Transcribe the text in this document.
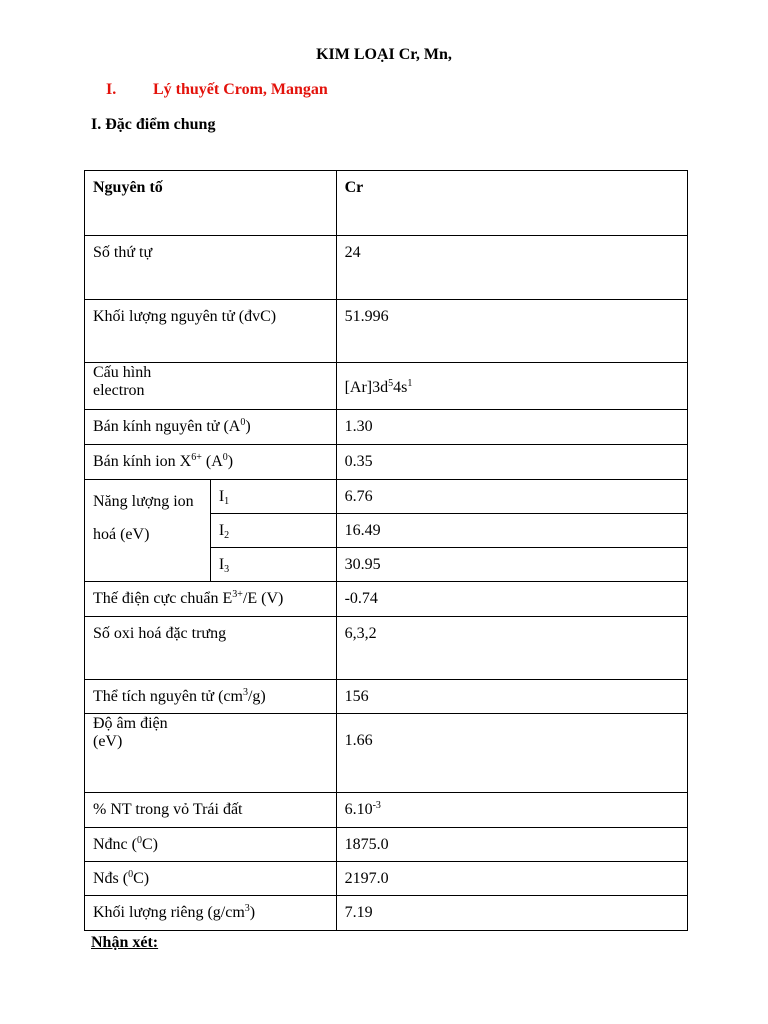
KIM LOẠI Cr, Mn,
I. Lý thuyết Crom, Mangan
I. Đặc điểm chung
Nguyên tố		Cr
Số thứ tự		24
Khối lượng nguyên tử (đvC)		51.996
Cấu hình
electron		$[Ar]3d^54s^1$
Bán kính nguyên tử $(A^0)$		1.30
Bán kính ion $X^{6+}$ $(A^0)$		0.35
Năng lượng ion
hoá (eV)	$I_1$	6.76
	$I_2$	16.49
	$I_3$	30.95
Thế điện cực chuẩn $E^{3+}/E$ (V)		-0.74
Số oxi hoá đặc trưng		6,3,2
Thể tích nguyên tử $(cm^3/g)$		156
Độ âm điện
(eV)		1.66
% NT trong vỏ Trái đất		$6.10^{-3}$
Nđnc ($^0$C)		1875.0
Nđs ($^0$C)		2197.0
Khối lượng riêng $(g/cm^3)$		7.19
Nhận xét:
